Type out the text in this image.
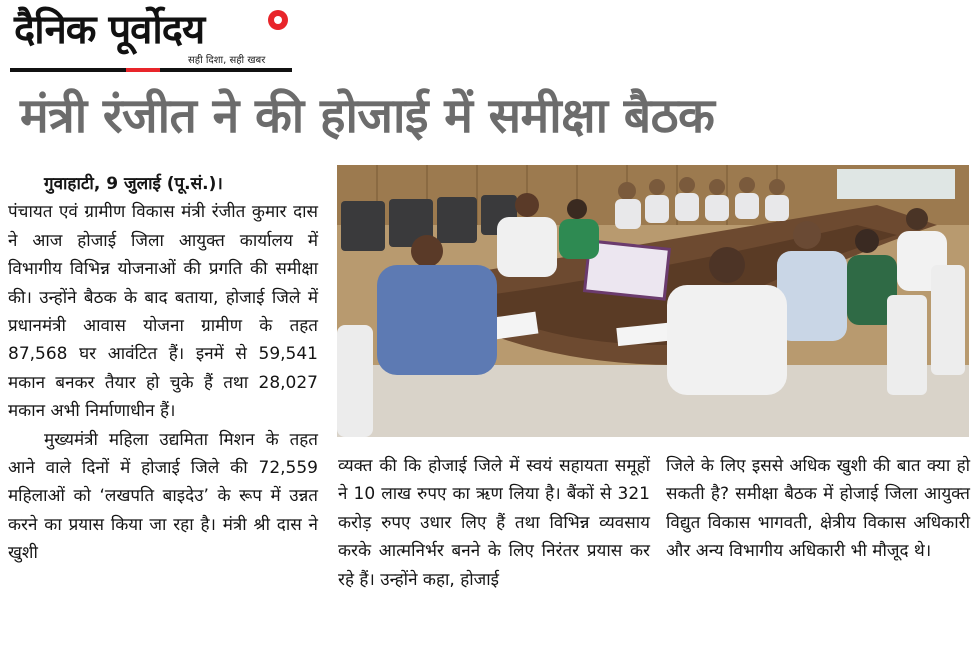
दैनिक पूर्वोदय
सही दिशा, सही खबर
मंत्री रंजीत ने की होजाई में समीक्षा बैठक

गुवाहाटी, 9 जुलाई (पू.सं.)।

पंचायत एवं ग्रामीण विकास मंत्री रंजीत कुमार दास ने आज होजाई जिला आयुक्त कार्यालय में विभागीय विभिन्न योजनाओं की प्रगति की समीक्षा की। उन्होंने बैठक के बाद बताया, होजाई जिले में प्रधानमंत्री आवास योजना ग्रामीण के तहत 87,568 घर आवंटित हैं। इनमें से 59,541 मकान बनकर तैयार हो चुके हैं तथा 28,027 मकान अभी निर्माणाधीन हैं।

मुख्यमंत्री महिला उद्यमिता मिशन के तहत आने वाले दिनों में होजाई जिले की 72,559 महिलाओं को ‘लखपति बाइदेउ’ के रूप में उन्नत करने का प्रयास किया जा रहा है। मंत्री श्री दास ने खुशी

व्यक्त की कि होजाई जिले में स्वयं सहायता समूहों ने 10 लाख रुपए का ऋण लिया है। बैंकों से 321 करोड़ रुपए उधार लिए हैं तथा विभिन्न व्यवसाय करके आत्मनिर्भर बनने के लिए निरंतर प्रयास कर रहे हैं। उन्होंने कहा, होजाई

जिले के लिए इससे अधिक खुशी की बात क्या हो सकती है? समीक्षा बैठक में होजाई जिला आयुक्त विद्युत विकास भागवती, क्षेत्रीय विकास अधिकारी और अन्य विभागीय अधिकारी भी मौजूद थे।
